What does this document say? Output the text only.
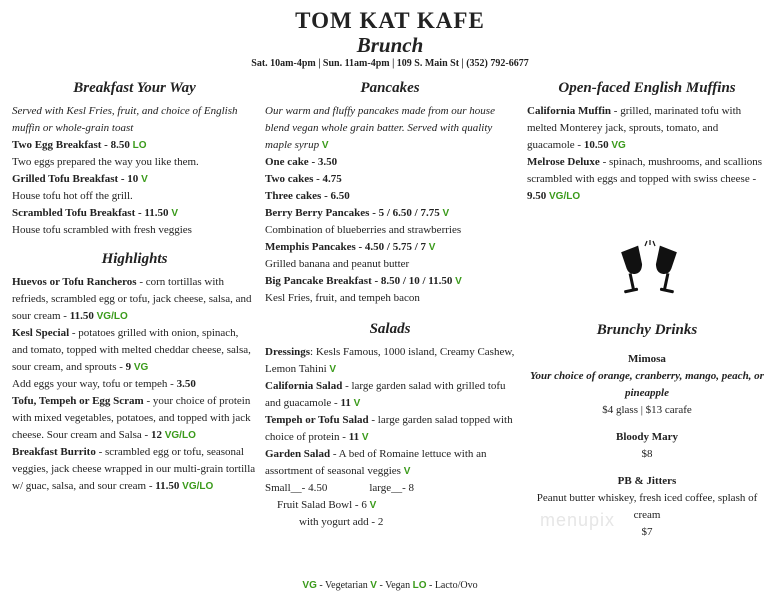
TOM KAT KAFE
Brunch
Sat. 10am-4pm | Sun. 11am-4pm | 109 S. Main St | (352) 792-6677
Breakfast Your Way
Served with Kesl Fries, fruit, and choice of English muffin or whole-grain toast
Two Egg Breakfast - 8.50 LO
Two eggs prepared the way you like them.
Grilled Tofu Breakfast - 10 V
House tofu hot off the grill.
Scrambled Tofu Breakfast - 11.50 V
House tofu scrambled with fresh veggies
Highlights
Huevos or Tofu Rancheros - corn tortillas with refrieds, scrambled egg or tofu, jack cheese, salsa, and sour cream - 11.50 VG/LO
Kesl Special - potatoes grilled with onion, spinach, and tomato, topped with melted cheddar cheese, salsa, sour cream, and sprouts - 9 VG
Add eggs your way, tofu or tempeh - 3.50
Tofu, Tempeh or Egg Scram - your choice of protein with mixed vegetables, potatoes, and topped with jack cheese. Sour cream and Salsa - 12 VG/LO
Breakfast Burrito - scrambled egg or tofu, seasonal veggies, jack cheese wrapped in our multi-grain tortilla w/ guac, salsa, and sour cream - 11.50 VG/LO
Pancakes
Our warm and fluffy pancakes made from our house blend vegan whole grain batter. Served with quality maple syrup V
One cake - 3.50
Two cakes - 4.75
Three cakes - 6.50
Berry Berry Pancakes - 5 / 6.50 / 7.75 V
Combination of blueberries and strawberries
Memphis Pancakes - 4.50 / 5.75 / 7 V
Grilled banana and peanut butter
Big Pancake Breakfast - 8.50 / 10 / 11.50 V
Kesl Fries, fruit, and tempeh bacon
Salads
Dressings: Kesls Famous, 1000 island, Creamy Cashew, Lemon Tahini V
California Salad - large garden salad with grilled tofu and guacamole - 11 V
Tempeh or Tofu Salad - large garden salad topped with choice of protein - 11 V
Garden Salad - A bed of Romaine lettuce with an assortment of seasonal veggies V
Small__- 4.50	large__- 8
Fruit Salad Bowl - 6 V
with yogurt add - 2
Open-faced English Muffins
California Muffin - grilled, marinated tofu with melted Monterey jack, sprouts, tomato, and guacamole - 10.50 VG
Melrose Deluxe - spinach, mushrooms, and scallions scrambled with eggs and topped with swiss cheese - 9.50 VG/LO
Brunchy Drinks
Mimosa
Your choice of orange, cranberry, mango, peach, or pineapple
$4 glass | $13 carafe
Bloody Mary
$8
PB & Jitters
Peanut butter whiskey, fresh iced coffee, splash of cream
$7
menupix
VG - Vegetarian V - Vegan LO - Lacto/Ovo
